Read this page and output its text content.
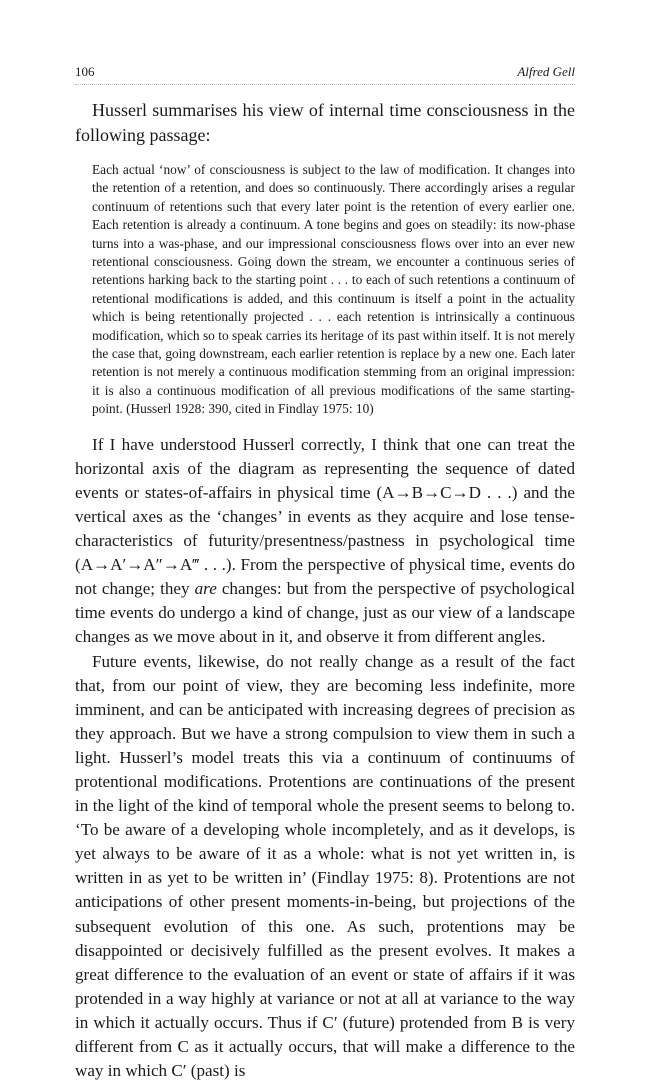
106	Alfred Gell

Husserl summarises his view of internal time consciousness in the following passage:

Each actual ‘now’ of consciousness is subject to the law of modification. It changes into the retention of a retention, and does so continuously. There accordingly arises a regular continuum of retentions such that every later point is the retention of every earlier one. Each retention is already a continuum. A tone begins and goes on steadily: its now-phase turns into a was-phase, and our impressional consciousness flows over into an ever new retentional consciousness. Going down the stream, we encounter a continuous series of retentions harking back to the starting point . . . to each of such retentions a continuum of retentional modifications is added, and this continuum is itself a point in the actuality which is being retentionally projected . . . each retention is intrinsically a continuous modification, which so to speak carries its heritage of its past within itself. It is not merely the case that, going downstream, each earlier retention is replace by a new one. Each later retention is not merely a continuous modification stemming from an original impression: it is also a continuous modification of all previous modifications of the same starting-point. (Husserl 1928: 390, cited in Findlay 1975: 10)

If I have understood Husserl correctly, I think that one can treat the horizontal axis of the diagram as representing the sequence of dated events or states-of-affairs in physical time (A→B→C→D . . .) and the vertical axes as the ‘changes’ in events as they acquire and lose tense-characteristics of futurity/presentness/pastness in psychological time (A→A′→A″→A‴ . . .). From the perspective of physical time, events do not change; they are changes: but from the perspective of psychological time events do undergo a kind of change, just as our view of a landscape changes as we move about in it, and observe it from different angles.

Future events, likewise, do not really change as a result of the fact that, from our point of view, they are becoming less indefinite, more imminent, and can be anticipated with increasing degrees of precision as they approach. But we have a strong compulsion to view them in such a light. Husserl’s model treats this via a continuum of continuums of protentional modifications. Protentions are continuations of the present in the light of the kind of temporal whole the present seems to belong to. ‘To be aware of a developing whole incompletely, and as it develops, is yet always to be aware of it as a whole: what is not yet written in, is written in as yet to be written in’ (Findlay 1975: 8). Protentions are not anticipations of other present moments-in-being, but projections of the subsequent evolution of this one. As such, protentions may be disappointed or decisively fulfilled as the present evolves. It makes a great difference to the evaluation of an event or state of affairs if it was protended in a way highly at variance or not at all at variance to the way in which it actually occurs. Thus if C′ (future) protended from B is very different from C as it actually occurs, that will make a difference to the way in which C′ (past) is
